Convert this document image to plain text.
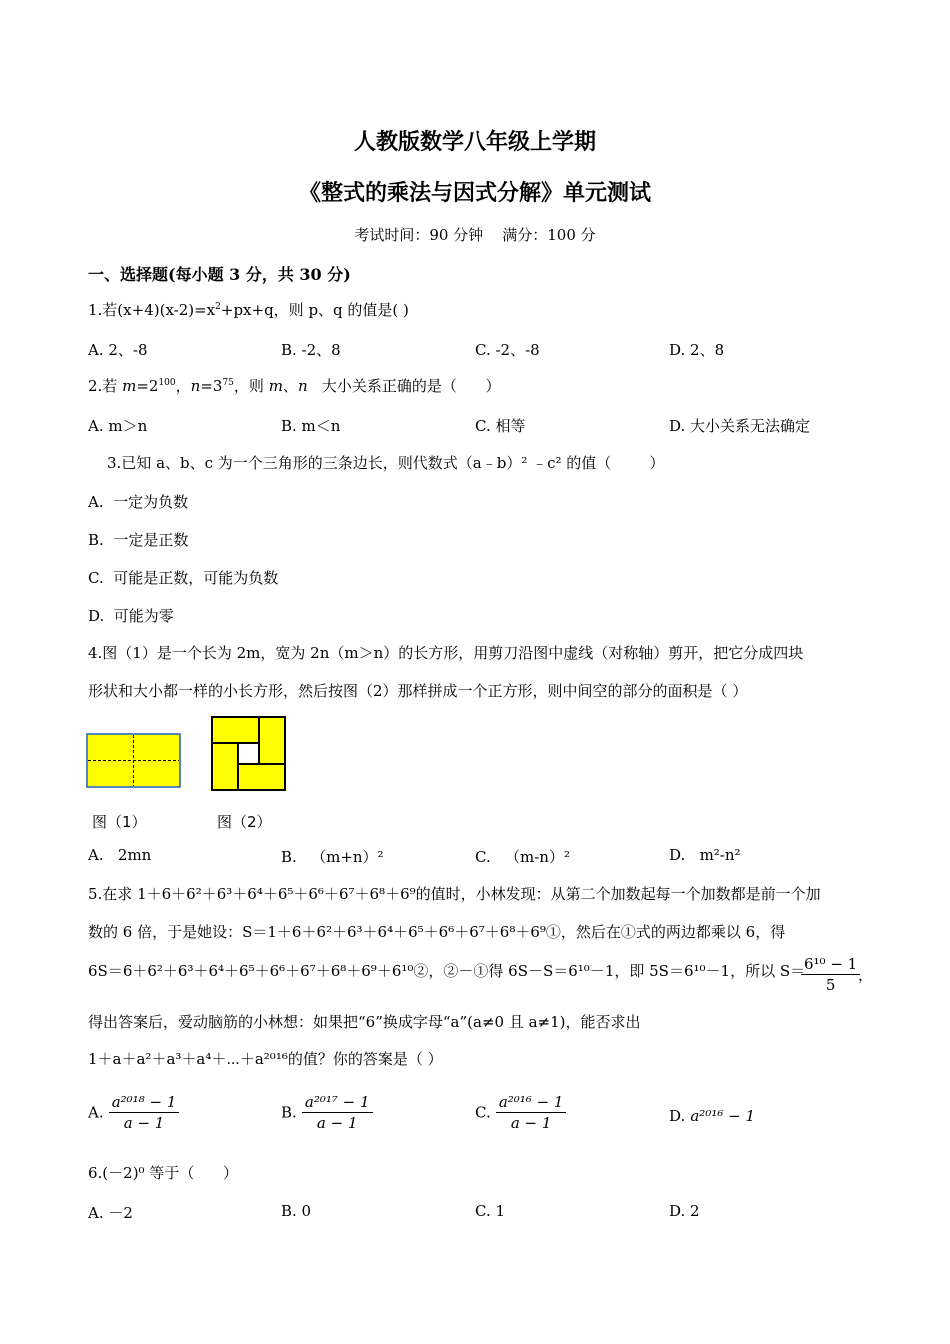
人教版数学八年级上学期
《整式的乘法与因式分解》单元测试
考试时间：90 分钟    满分：100 分
一、选择题(每小题 3 分，共 30 分)
1.若$(x+4)(x-2)=x^2+px+q$，则 p、q 的值是( )
A. 2、-8	B. -2、8	C. -2、-8	D. 2、8
2.若 $m=2^{100}$，$n=3^{75}$，则 m、n   大小关系正确的是（      ）
A. m＞n	B. m＜n	C. 相等	D. 大小关系无法确定
3.已知 a、b、c 为一个三角形的三条边长，则代数式（a﹣b）² ﹣c² 的值（        ）
A.  一定为负数
B.  一定是正数
C.  可能是正数，可能为负数
D.  可能为零
4.图（1）是一个长为 2m，宽为 2n（m＞n）的长方形，用剪刀沿图中虚线（对称轴）剪开，把它分成四块
形状和大小都一样的小长方形，然后按图（2）那样拼成一个正方形，则中间空的部分的面积是（ ）
图（1）	图（2）
A.   2mn	B.   （m+n）²	C.   （m-n）²	D.   m²-n²
5.在求 1＋6＋6²＋6³＋6⁴＋6⁵＋6⁶＋6⁷＋6⁸＋6⁹的值时，小林发现：从第二个加数起每一个加数都是前一个加
数的 6 倍，于是她设：S＝1＋6＋6²＋6³＋6⁴＋6⁵＋6⁶＋6⁷＋6⁸＋6⁹①，然后在①式的两边都乘以 6，得
6S＝6＋6²＋6³＋6⁴＋6⁵＋6⁶＋6⁷＋6⁸＋6⁹＋6¹⁰②，②－①得 6S－S＝6¹⁰－1，即 5S＝6¹⁰－1，所以 S＝
$\frac{\text{6¹⁰ − 1}}{5}$
，
得出答案后，爱动脑筋的小林想：如果把“6”换成字母“a”(a≠0 且 a≠1)，能否求出
1＋a＋a²＋a³＋a⁴＋⋯＋a²⁰¹⁶的值？你的答案是（ ）
A. $\frac{\text{a²⁰¹⁸ − 1}}{a - 1}$	B. $\frac{\text{a²⁰¹⁷ − 1}}{a - 1}$	C. $\frac{\text{a²⁰¹⁶ − 1}}{a - 1}$	D. a²⁰¹⁶ − 1
6.(－2)⁰ 等于（      ）
A. －2	B. 0	C. 1	D. 2
